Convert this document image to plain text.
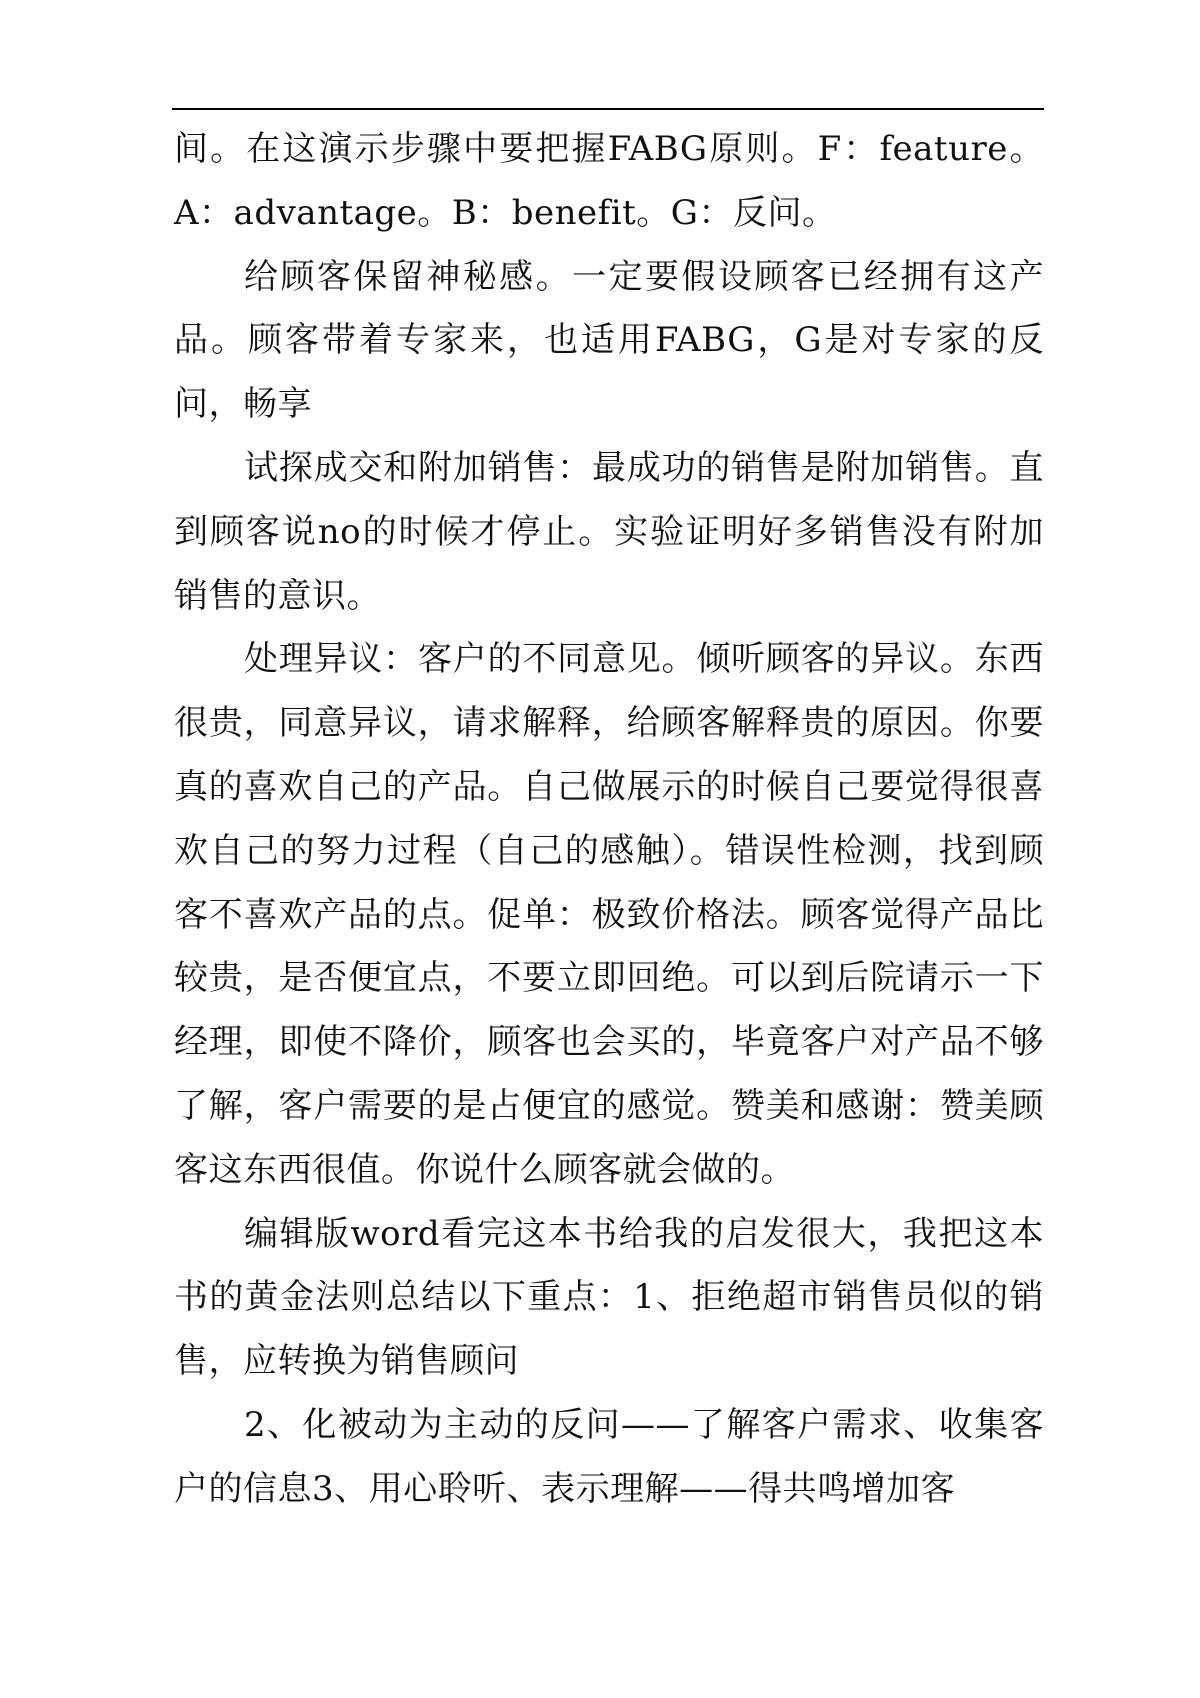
间。在这演示步骤中要把握FABG原则。F：feature。A：advantage。B：benefit。G：反问。

给顾客保留神秘感。一定要假设顾客已经拥有这产品。顾客带着专家来，也适用FABG，G是对专家的反问，畅享

试探成交和附加销售：最成功的销售是附加销售。直到顾客说no的时候才停止。实验证明好多销售没有附加销售的意识。

处理异议：客户的不同意见。倾听顾客的异议。东西很贵，同意异议，请求解释，给顾客解释贵的原因。你要真的喜欢自己的产品。自己做展示的时候自己要觉得很喜欢自己的努力过程（自己的感触）。错误性检测，找到顾客不喜欢产品的点。促单：极致价格法。顾客觉得产品比较贵，是否便宜点，不要立即回绝。可以到后院请示一下经理，即使不降价，顾客也会买的，毕竟客户对产品不够了解，客户需要的是占便宜的感觉。赞美和感谢：赞美顾客这东西很值。你说什么顾客就会做的。

编辑版word看完这本书给我的启发很大，我把这本书的黄金法则总结以下重点：1、拒绝超市销售员似的销售，应转换为销售顾问

2、化被动为主动的反问——了解客户需求、收集客户的信息3、用心聆听、表示理解——得共鸣增加客
